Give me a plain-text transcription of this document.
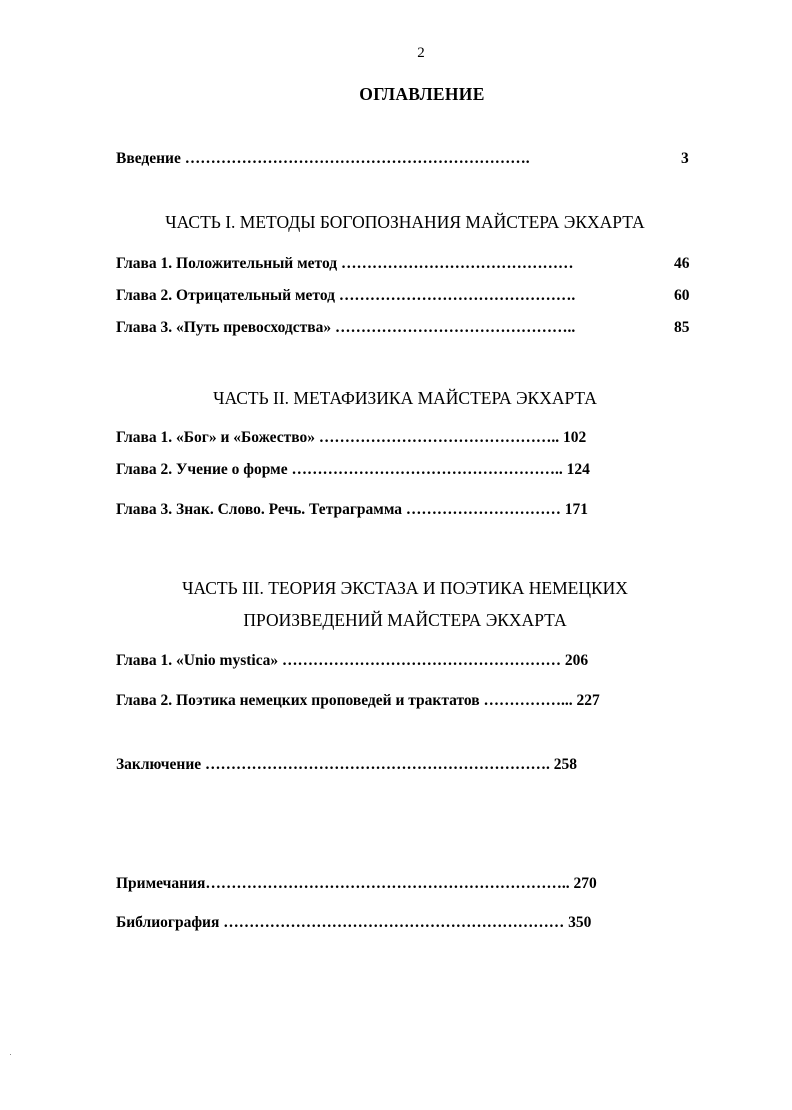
2
ОГЛАВЛЕНИЕ
Введение ………………………………………………………….	3
ЧАСТЬ I. МЕТОДЫ БОГОПОЗНАНИЯ МАЙСТЕРА ЭКХАРТА
Глава 1. Положительный метод ………………………………………	46
Глава 2. Отрицательный метод ……………………………………….	60
Глава 3. «Путь превосходства» ………………………………………..	85
ЧАСТЬ II. МЕТАФИЗИКА МАЙСТЕРА ЭКХАРТА
Глава 1. «Бог» и «Божество» ……………………………………….. 102
Глава 2. Учение о форме …………………………………………….. 124
Глава 3. Знак. Слово. Речь. Тетраграмма ………………………… 171
ЧАСТЬ III. ТЕОРИЯ ЭКСТАЗА И ПОЭТИКА НЕМЕЦКИХ
ПРОИЗВЕДЕНИЙ МАЙСТЕРА ЭКХАРТА
Глава 1. «Unio mystica» ……………………………………………… 206
Глава 2. Поэтика немецких проповедей и трактатов ……………... 227
Заключение …………………………………………………………. 258
Примечания…………………………………………………………….. 270
Библиография ………………………………………………………… 350
